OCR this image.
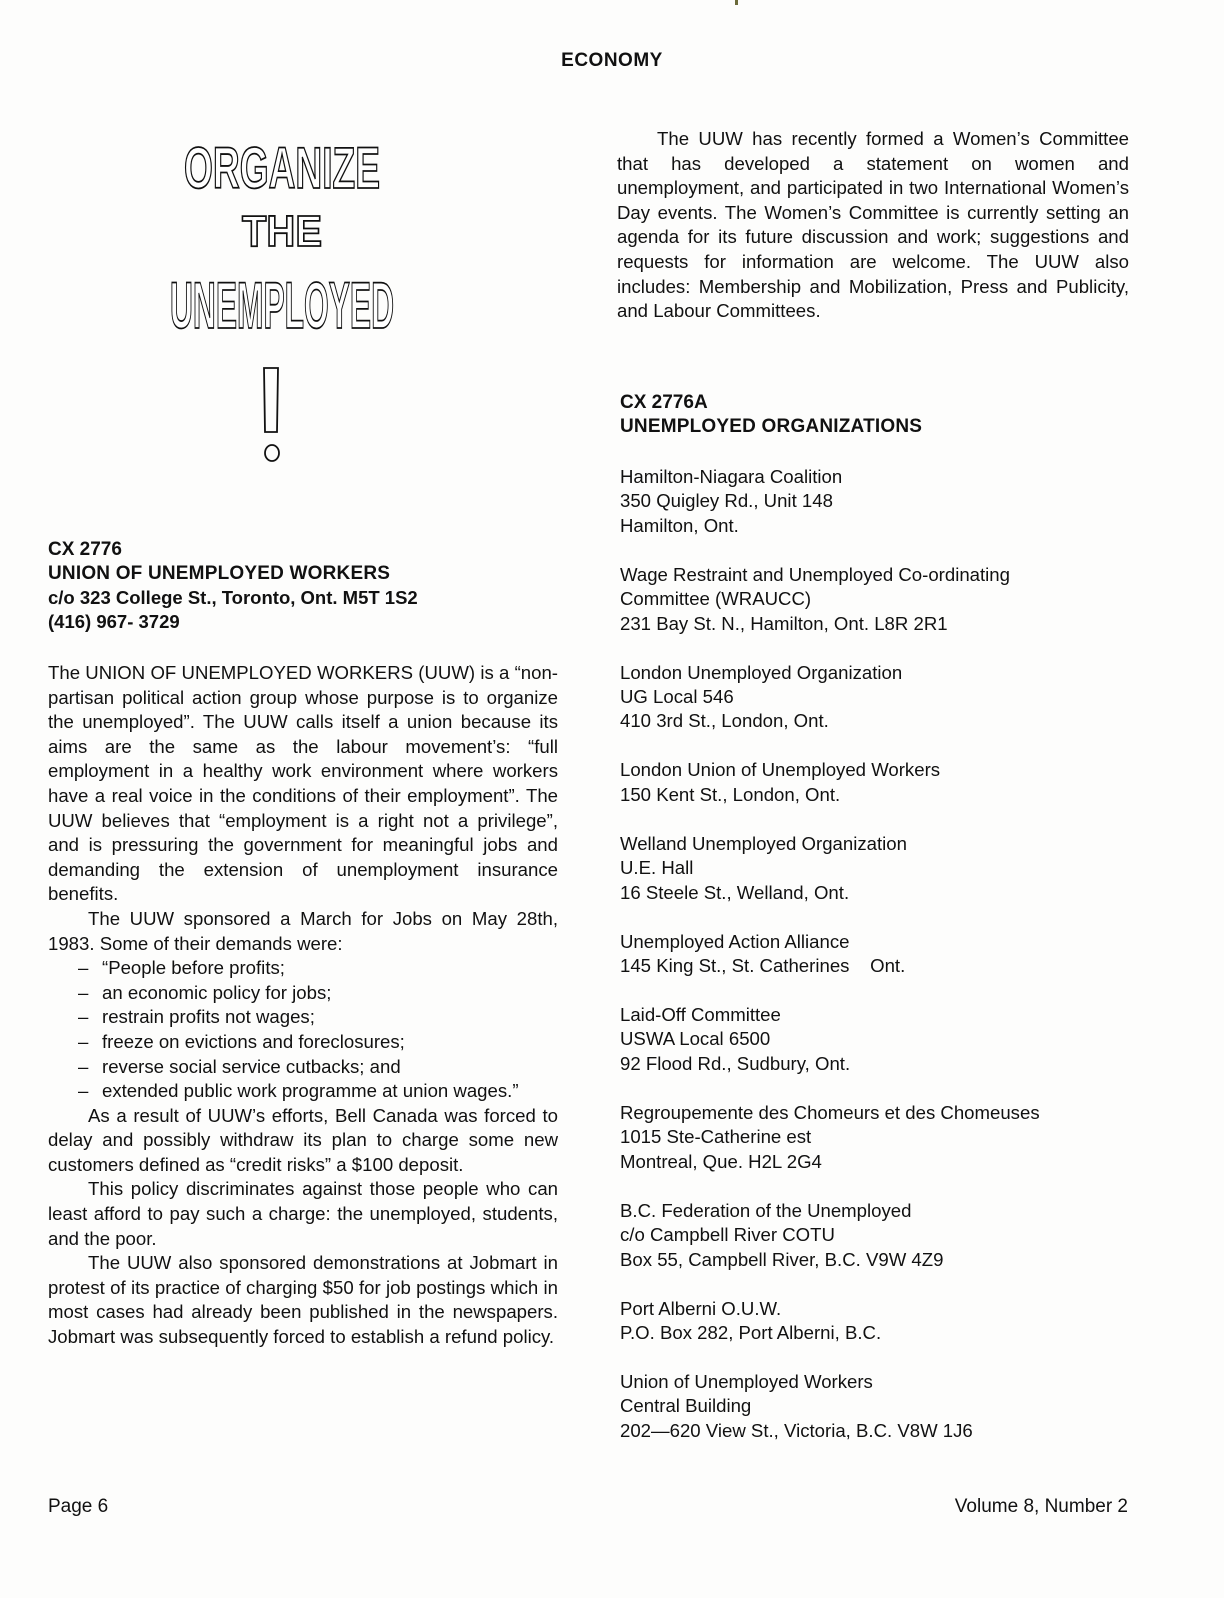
ECONOMY
ORGANIZE
THE
UNEMPLOYED
CX 2776
UNION OF UNEMPLOYED WORKERS
c/o 323 College St., Toronto, Ont. M5T 1S2
(416) 967- 3729

The UNION OF UNEMPLOYED WORKERS (UUW) is a “non-partisan political action group whose purpose is to organize the unemployed”. The UUW calls itself a union because its aims are the same as the labour movement’s: “full employment in a healthy work environment where workers have a real voice in the conditions of their employment”. The UUW believes that “employment is a right not a privilege”, and is pressuring the government for meaningful jobs and demanding the extension of unemployment insurance benefits.

The UUW sponsored a March for Jobs on May 28th, 1983. Some of their demands were:

– “People before profits;
– an economic policy for jobs;
– restrain profits not wages;
– freeze on evictions and foreclosures;
– reverse social service cutbacks; and
– extended public work programme at union wages.”

As a result of UUW’s efforts, Bell Canada was forced to delay and possibly withdraw its plan to charge some new customers defined as “credit risks” a $100 deposit.

This policy discriminates against those people who can least afford to pay such a charge: the unemployed, students, and the poor.

The UUW also sponsored demonstrations at Jobmart in protest of its practice of charging $50 for job postings which in most cases had already been published in the newspapers. Jobmart was subsequently forced to establish a refund policy.

The UUW has recently formed a Women’s Committee that has developed a statement on women and unemployment, and participated in two International Women’s Day events. The Women’s Committee is currently setting an agenda for its future discussion and work; suggestions and requests for information are welcome. The UUW also includes: Membership and Mobilization, Press and Publicity, and Labour Committees.

CX 2776A
UNEMPLOYED ORGANIZATIONS
Hamilton-Niagara Coalition
350 Quigley Rd., Unit 148
Hamilton, Ont.
Wage Restraint and Unemployed Co-ordinating
Committee (WRAUCC)
231 Bay St. N., Hamilton, Ont. L8R 2R1
London Unemployed Organization
UG Local 546
410 3rd St., London, Ont.
London Union of Unemployed Workers
150 Kent St., London, Ont.
Welland Unemployed Organization
U.E. Hall
16 Steele St., Welland, Ont.
Unemployed Action Alliance
145 King St., St. Catherines    Ont.
Laid-Off Committee
USWA Local 6500
92 Flood Rd., Sudbury, Ont.
Regroupemente des Chomeurs et des Chomeuses
1015 Ste-Catherine est
Montreal, Que. H2L 2G4
B.C. Federation of the Unemployed
c/o Campbell River COTU
Box 55, Campbell River, B.C. V9W 4Z9
Port Alberni O.U.W.
P.O. Box 282, Port Alberni, B.C.
Union of Unemployed Workers
Central Building
202—620 View St., Victoria, B.C. V8W 1J6
Page 6	Volume 8, Number 2
